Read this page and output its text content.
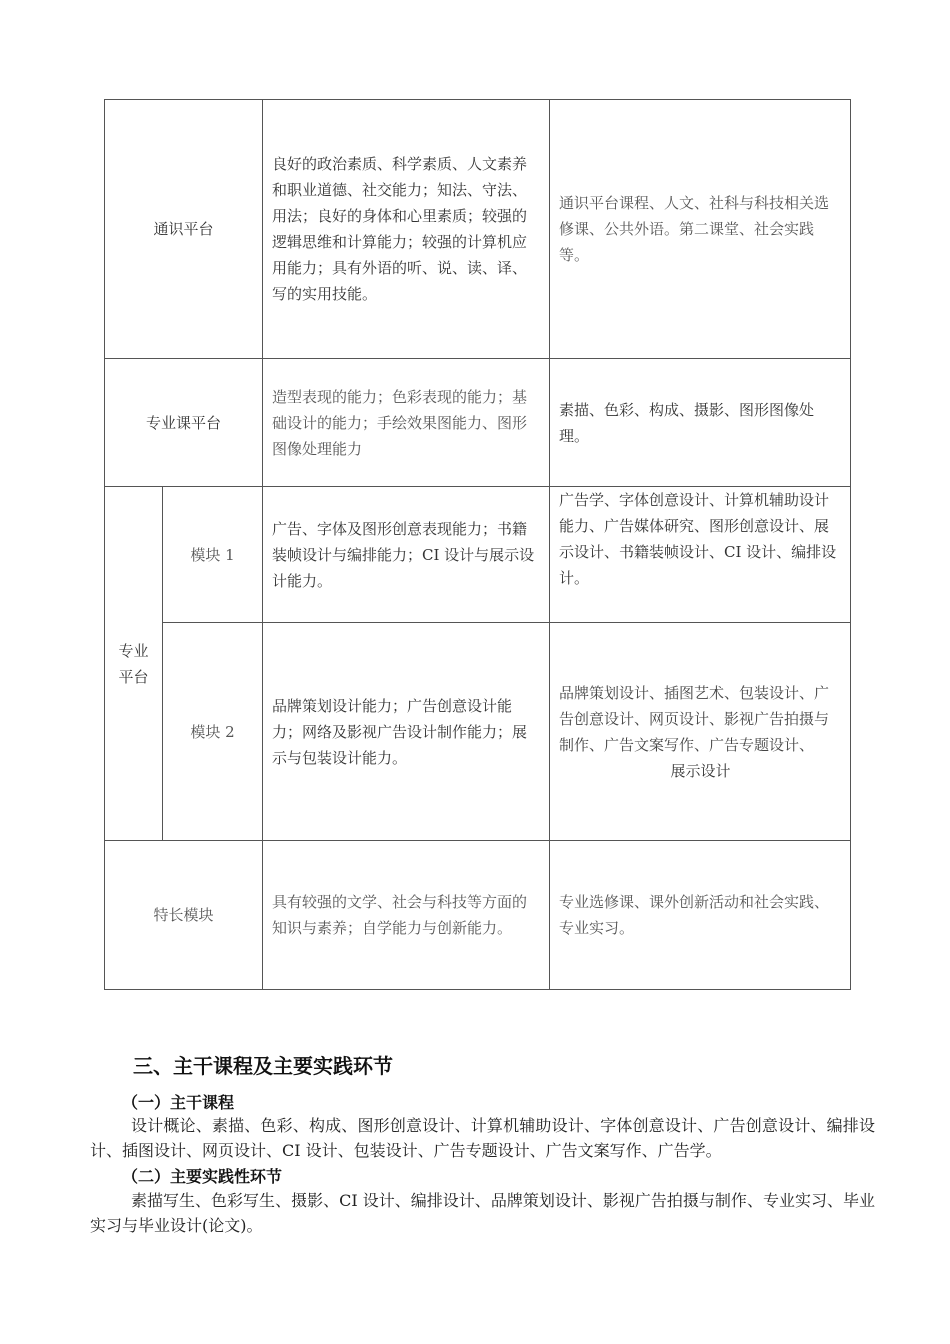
通识平台
良好的政治素质、科学素质、人文素养和职业道德、社交能力；知法、守法、用法；良好的身体和心里素质；较强的逻辑思维和计算能力；较强的计算机应用能力；具有外语的听、说、读、译、写的实用技能。
通识平台课程、人文、社科与科技相关选修课、公共外语。第二课堂、社会实践等。
专业课平台
造型表现的能力；色彩表现的能力；基础设计的能力；手绘效果图能力、图形图像处理能力
素描、色彩、构成、摄影、图形图像处理。
专业平台
模块 1
广告、字体及图形创意表现能力；书籍装帧设计与编排能力；CI 设计与展示设计能力。
广告学、字体创意设计、计算机辅助设计能力、广告媒体研究、图形创意设计、展示设计、书籍装帧设计、CI 设计、编排设计。
模块 2
品牌策划设计能力；广告创意设计能力；网络及影视广告设计制作能力；展示与包装设计能力。
品牌策划设计、插图艺术、包装设计、广告创意设计、网页设计、影视广告拍摄与制作、广告文案写作、广告专题设计、
展示设计
特长模块
具有较强的文学、社会与科技等方面的知识与素养；自学能力与创新能力。
专业选修课、课外创新活动和社会实践、专业实习。
三、主干课程及主要实践环节
（一）主干课程
设计概论、素描、色彩、构成、图形创意设计、计算机辅助设计、字体创意设计、广告创意设计、编排设计、插图设计、网页设计、CI 设计、包装设计、广告专题设计、广告文案写作、广告学。
（二）主要实践性环节
素描写生、色彩写生、摄影、CI 设计、编排设计、品牌策划设计、影视广告拍摄与制作、专业实习、毕业实习与毕业设计(论文)。
